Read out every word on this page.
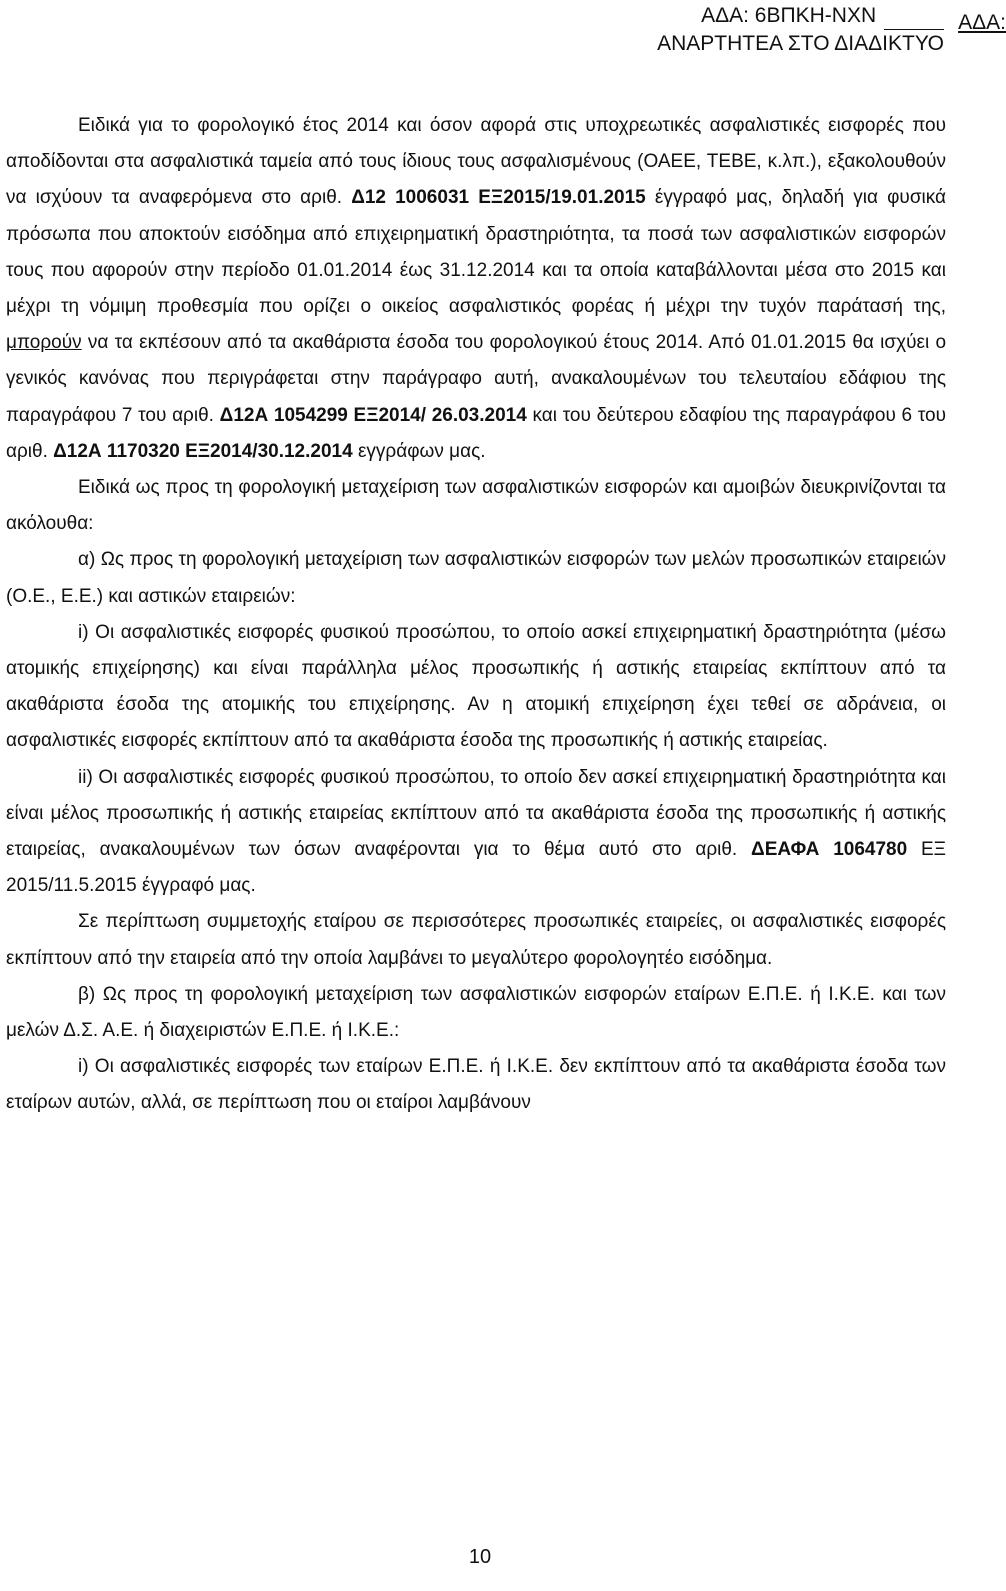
ΑΔΑ: 6ΒΠΚΗ-ΝΧΝ	ΑΔΑ:
ΑΝΑΡΤΗΤΕΑ ΣΤΟ ΔΙΑΔΙΚΤΥΟ

Ειδικά για το φορολογικό έτος 2014 και όσον αφορά στις υποχρεωτικές ασφαλιστικές εισφορές που αποδίδονται στα ασφαλιστικά ταμεία από τους ίδιους τους ασφαλισμένους (ΟΑΕΕ, ΤΕΒΕ, κ.λπ.), εξακολουθούν να ισχύουν τα αναφερόμενα στο αριθ. Δ12 1006031 ΕΞ2015/19.01.2015 έγγραφό μας, δηλαδή για φυσικά πρόσωπα που αποκτούν εισόδημα από επιχειρηματική δραστηριότητα, τα ποσά των ασφαλιστικών εισφορών τους που αφορούν στην περίοδο 01.01.2014 έως 31.12.2014 και τα οποία καταβάλλονται μέσα στο 2015 και μέχρι τη νόμιμη προθεσμία που ορίζει ο οικείος ασφαλιστικός φορέας ή μέχρι την τυχόν παράτασή της, μπορούν να τα εκπέσουν από τα ακαθάριστα έσοδα του φορολογικού έτους 2014. Από 01.01.2015 θα ισχύει ο γενικός κανόνας που περιγράφεται στην παράγραφο αυτή, ανακαλουμένων του τελευταίου εδάφιου της παραγράφου 7 του αριθ. Δ12Α 1054299 ΕΞ2014/ 26.03.2014 και του δεύτερου εδαφίου της παραγράφου 6 του αριθ. Δ12Α 1170320 ΕΞ2014/30.12.2014 εγγράφων μας.

Ειδικά ως προς τη φορολογική μεταχείριση των ασφαλιστικών εισφορών και αμοιβών διευκρινίζονται τα ακόλουθα:

α) Ως προς τη φορολογική μεταχείριση των ασφαλιστικών εισφορών των μελών προσωπικών εταιρειών (Ο.Ε., Ε.Ε.) και αστικών εταιρειών:

i) Οι ασφαλιστικές εισφορές φυσικού προσώπου, το οποίο ασκεί επιχειρηματική δραστηριότητα (μέσω ατομικής επιχείρησης) και είναι παράλληλα μέλος προσωπικής ή αστικής εταιρείας εκπίπτουν από τα ακαθάριστα έσοδα της ατομικής του επιχείρησης. Αν η ατομική επιχείρηση έχει τεθεί σε αδράνεια, οι ασφαλιστικές εισφορές εκπίπτουν από τα ακαθάριστα έσοδα της προσωπικής ή αστικής εταιρείας.

ii) Οι ασφαλιστικές εισφορές φυσικού προσώπου, το οποίο δεν ασκεί επιχειρηματική δραστηριότητα και είναι μέλος προσωπικής ή αστικής εταιρείας εκπίπτουν από τα ακαθάριστα έσοδα της προσωπικής ή αστικής εταιρείας, ανακαλουμένων των όσων αναφέρονται για το θέμα αυτό στο αριθ. ΔΕΑΦΑ 1064780 ΕΞ 2015/11.5.2015 έγγραφό μας.

Σε περίπτωση συμμετοχής εταίρου σε περισσότερες προσωπικές εταιρείες, οι ασφαλιστικές εισφορές εκπίπτουν από την εταιρεία από την οποία λαμβάνει το μεγαλύτερο φορολογητέο εισόδημα.

β) Ως προς τη φορολογική μεταχείριση των ασφαλιστικών εισφορών εταίρων Ε.Π.Ε. ή Ι.Κ.Ε. και των μελών Δ.Σ. Α.Ε. ή διαχειριστών Ε.Π.Ε. ή Ι.Κ.Ε.:

i) Οι ασφαλιστικές εισφορές των εταίρων Ε.Π.Ε. ή Ι.Κ.Ε. δεν εκπίπτουν από τα ακαθάριστα έσοδα των εταίρων αυτών, αλλά, σε περίπτωση που οι εταίροι λαμβάνουν

10
